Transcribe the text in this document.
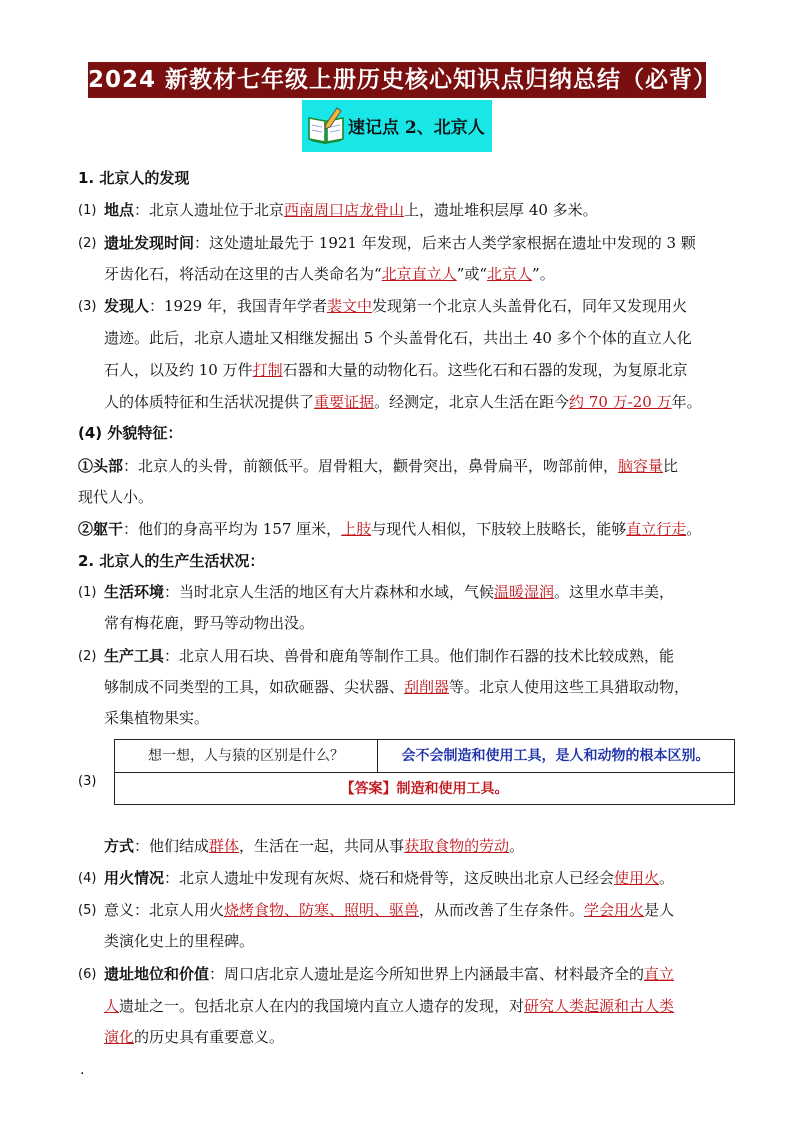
2024 新教材七年级上册历史核心知识点归纳总结（必背）
速记点 2、北京人
1. 北京人的发现
(1) 地点：北京人遗址位于北京西南周口店龙骨山上，遗址堆积层厚 40 多米。
(2) 遗址发现时间：这处遗址最先于 1921 年发现，后来古人类学家根据在遗址中发现的 3 颗
牙齿化石，将活动在这里的古人类命名为“北京直立人”或“北京人”。
(3) 发现人：1929 年，我国青年学者裴文中发现第一个北京人头盖骨化石，同年又发现用火
遗迹。此后，北京人遗址又相继发掘出 5 个头盖骨化石，共出土 40 多个个体的直立人化
石人，以及约 10 万件打制石器和大量的动物化石。这些化石和石器的发现，为复原北京
人的体质特征和生活状况提供了重要证据。经测定，北京人生活在距今约 70 万-20 万年。
(4) 外貌特征：
①头部：北京人的头骨，前额低平。眉骨粗大，颧骨突出，鼻骨扁平，吻部前伸，脑容量比
现代人小。
②躯干：他们的身高平均为 157 厘米，上肢与现代人相似，下肢较上肢略长，能够直立行走。
2. 北京人的生产生活状况：
(1) 生活环境：当时北京人生活的地区有大片森林和水域，气候温暖湿润。这里水草丰美，
常有梅花鹿，野马等动物出没。
(2) 生产工具：北京人用石块、兽骨和鹿角等制作工具。他们制作石器的技术比较成熟，能
够制成不同类型的工具，如砍砸器、尖状器、刮削器等。北京人使用这些工具猎取动物，
采集植物果实。
(3)
想一想，人与猿的区别是什么？	会不会制造和使用工具，是人和动物的根本区别。
【答案】制造和使用工具。
方式：他们结成群体，生活在一起，共同从事获取食物的劳动。
(4) 用火情况：北京人遗址中发现有灰烬、烧石和烧骨等，这反映出北京人已经会使用火。
(5) 意义：北京人用火烧烤食物、防寒、照明、驱兽，从而改善了生存条件。学会用火是人
类演化史上的里程碑。
(6) 遗址地位和价值：周口店北京人遗址是迄今所知世界上内涵最丰富、材料最齐全的直立
人遗址之一。包括北京人在内的我国境内直立人遗存的发现，对研究人类起源和古人类
演化的历史具有重要意义。
.
